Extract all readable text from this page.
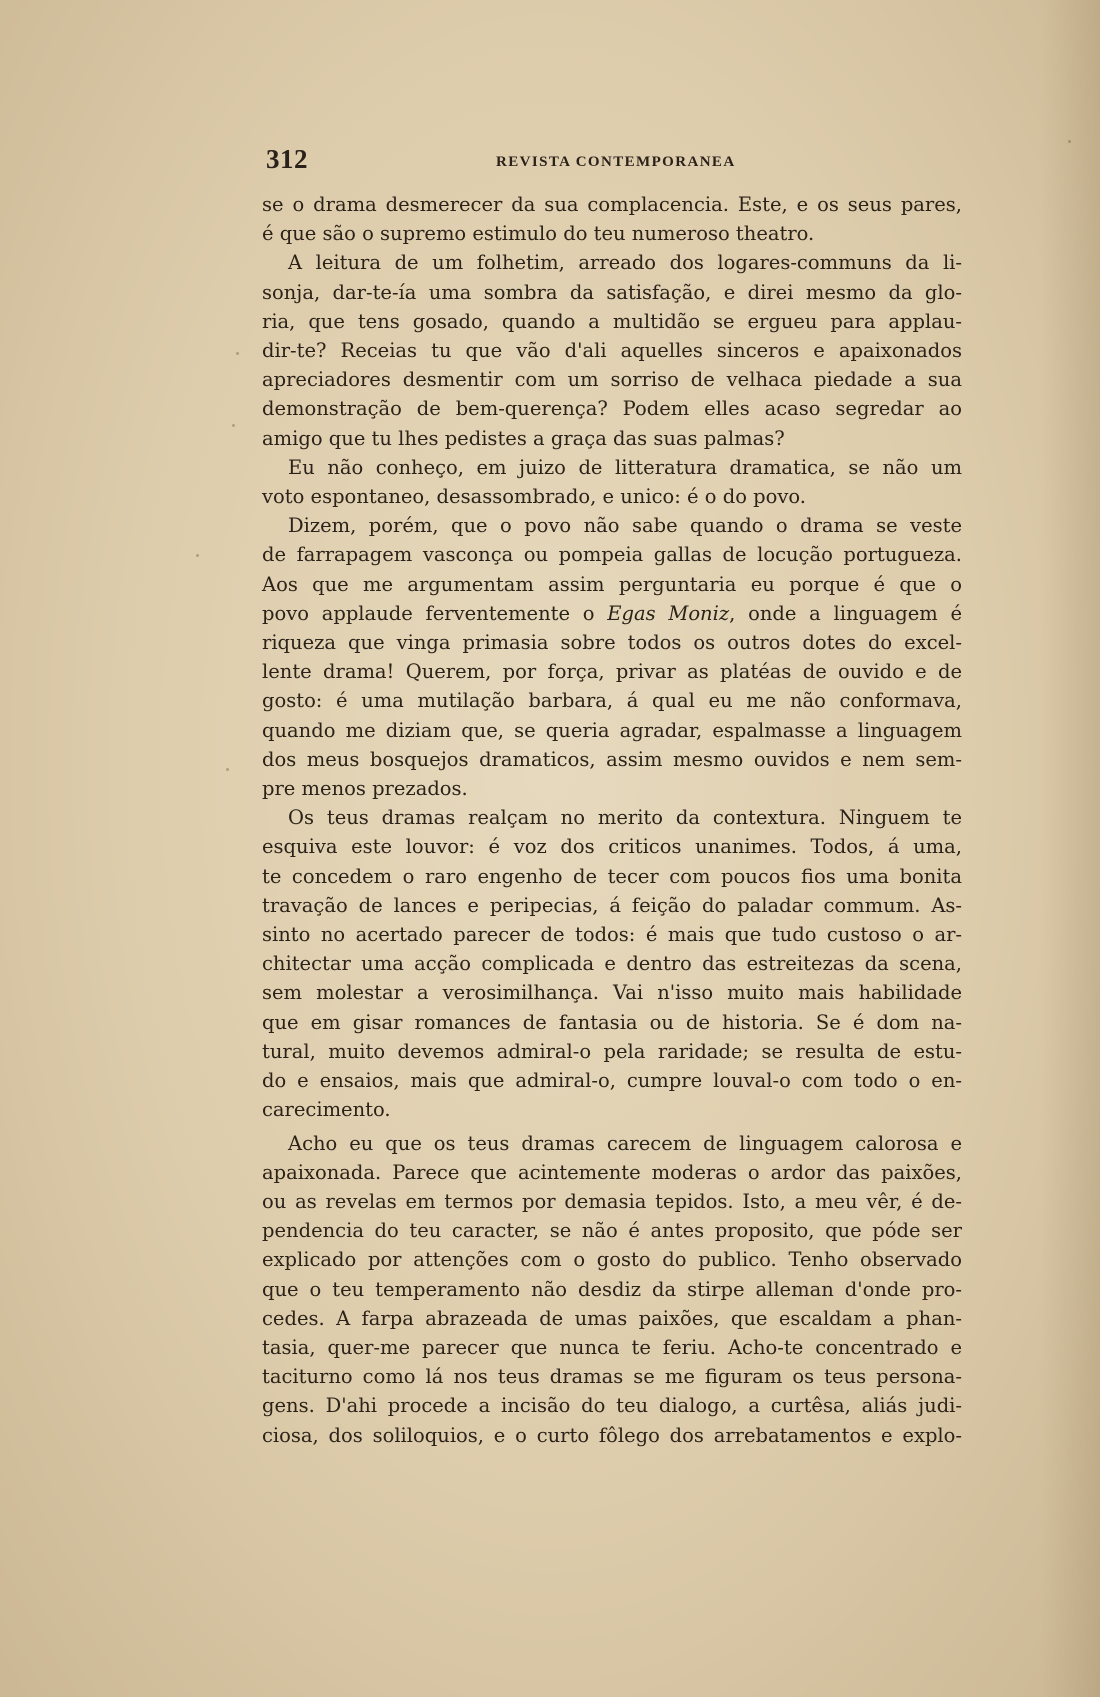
312	REVISTA CONTEMPORANEA
se o drama desmerecer da sua complacencia. Este, e os seus pares,
é que são o supremo estimulo do teu numeroso theatro.
A leitura de um folhetim, arreado dos logares-communs da li-
sonja, dar-te-ía uma sombra da satisfação, e direi mesmo da glo-
ria, que tens gosado, quando a multidão se ergueu para applau-
dir-te? Receias tu que vão d'ali aquelles sinceros e apaixonados
apreciadores desmentir com um sorriso de velhaca piedade a sua
demonstração de bem-querença? Podem elles acaso segredar ao
amigo que tu lhes pedistes a graça das suas palmas?
Eu não conheço, em juizo de litteratura dramatica, se não um
voto espontaneo, desassombrado, e unico: é o do povo.
Dizem, porém, que o povo não sabe quando o drama se veste
de farrapagem vasconça ou pompeia gallas de locução portugueza.
Aos que me argumentam assim perguntaria eu porque é que o
povo applaude ferventemente o Egas Moniz, onde a linguagem é
riqueza que vinga primasia sobre todos os outros dotes do excel-
lente drama! Querem, por força, privar as platéas de ouvido e de
gosto: é uma mutilação barbara, á qual eu me não conformava,
quando me diziam que, se queria agradar, espalmasse a linguagem
dos meus bosquejos dramaticos, assim mesmo ouvidos e nem sem-
pre menos prezados.
Os teus dramas realçam no merito da contextura. Ninguem te
esquiva este louvor: é voz dos criticos unanimes. Todos, á uma,
te concedem o raro engenho de tecer com poucos fios uma bonita
travação de lances e peripecias, á feição do paladar commum. As-
sinto no acertado parecer de todos: é mais que tudo custoso o ar-
chitectar uma acção complicada e dentro das estreitezas da scena,
sem molestar a verosimilhança. Vai n'isso muito mais habilidade
que em gisar romances de fantasia ou de historia. Se é dom na-
tural, muito devemos admiral-o pela raridade; se resulta de estu-
do e ensaios, mais que admiral-o, cumpre louval-o com todo o en-
carecimento.
Acho eu que os teus dramas carecem de linguagem calorosa e
apaixonada. Parece que acintemente moderas o ardor das paixões,
ou as revelas em termos por demasia tepidos. Isto, a meu vêr, é de-
pendencia do teu caracter, se não é antes proposito, que póde ser
explicado por attenções com o gosto do publico. Tenho observado
que o teu temperamento não desdiz da stirpe alleman d'onde pro-
cedes. A farpa abrazeada de umas paixões, que escaldam a phan-
tasia, quer-me parecer que nunca te feriu. Acho-te concentrado e
taciturno como lá nos teus dramas se me figuram os teus persona-
gens. D'ahi procede a incisão do teu dialogo, a curtêsa, aliás judi-
ciosa, dos soliloquios, e o curto fôlego dos arrebatamentos e explo-
